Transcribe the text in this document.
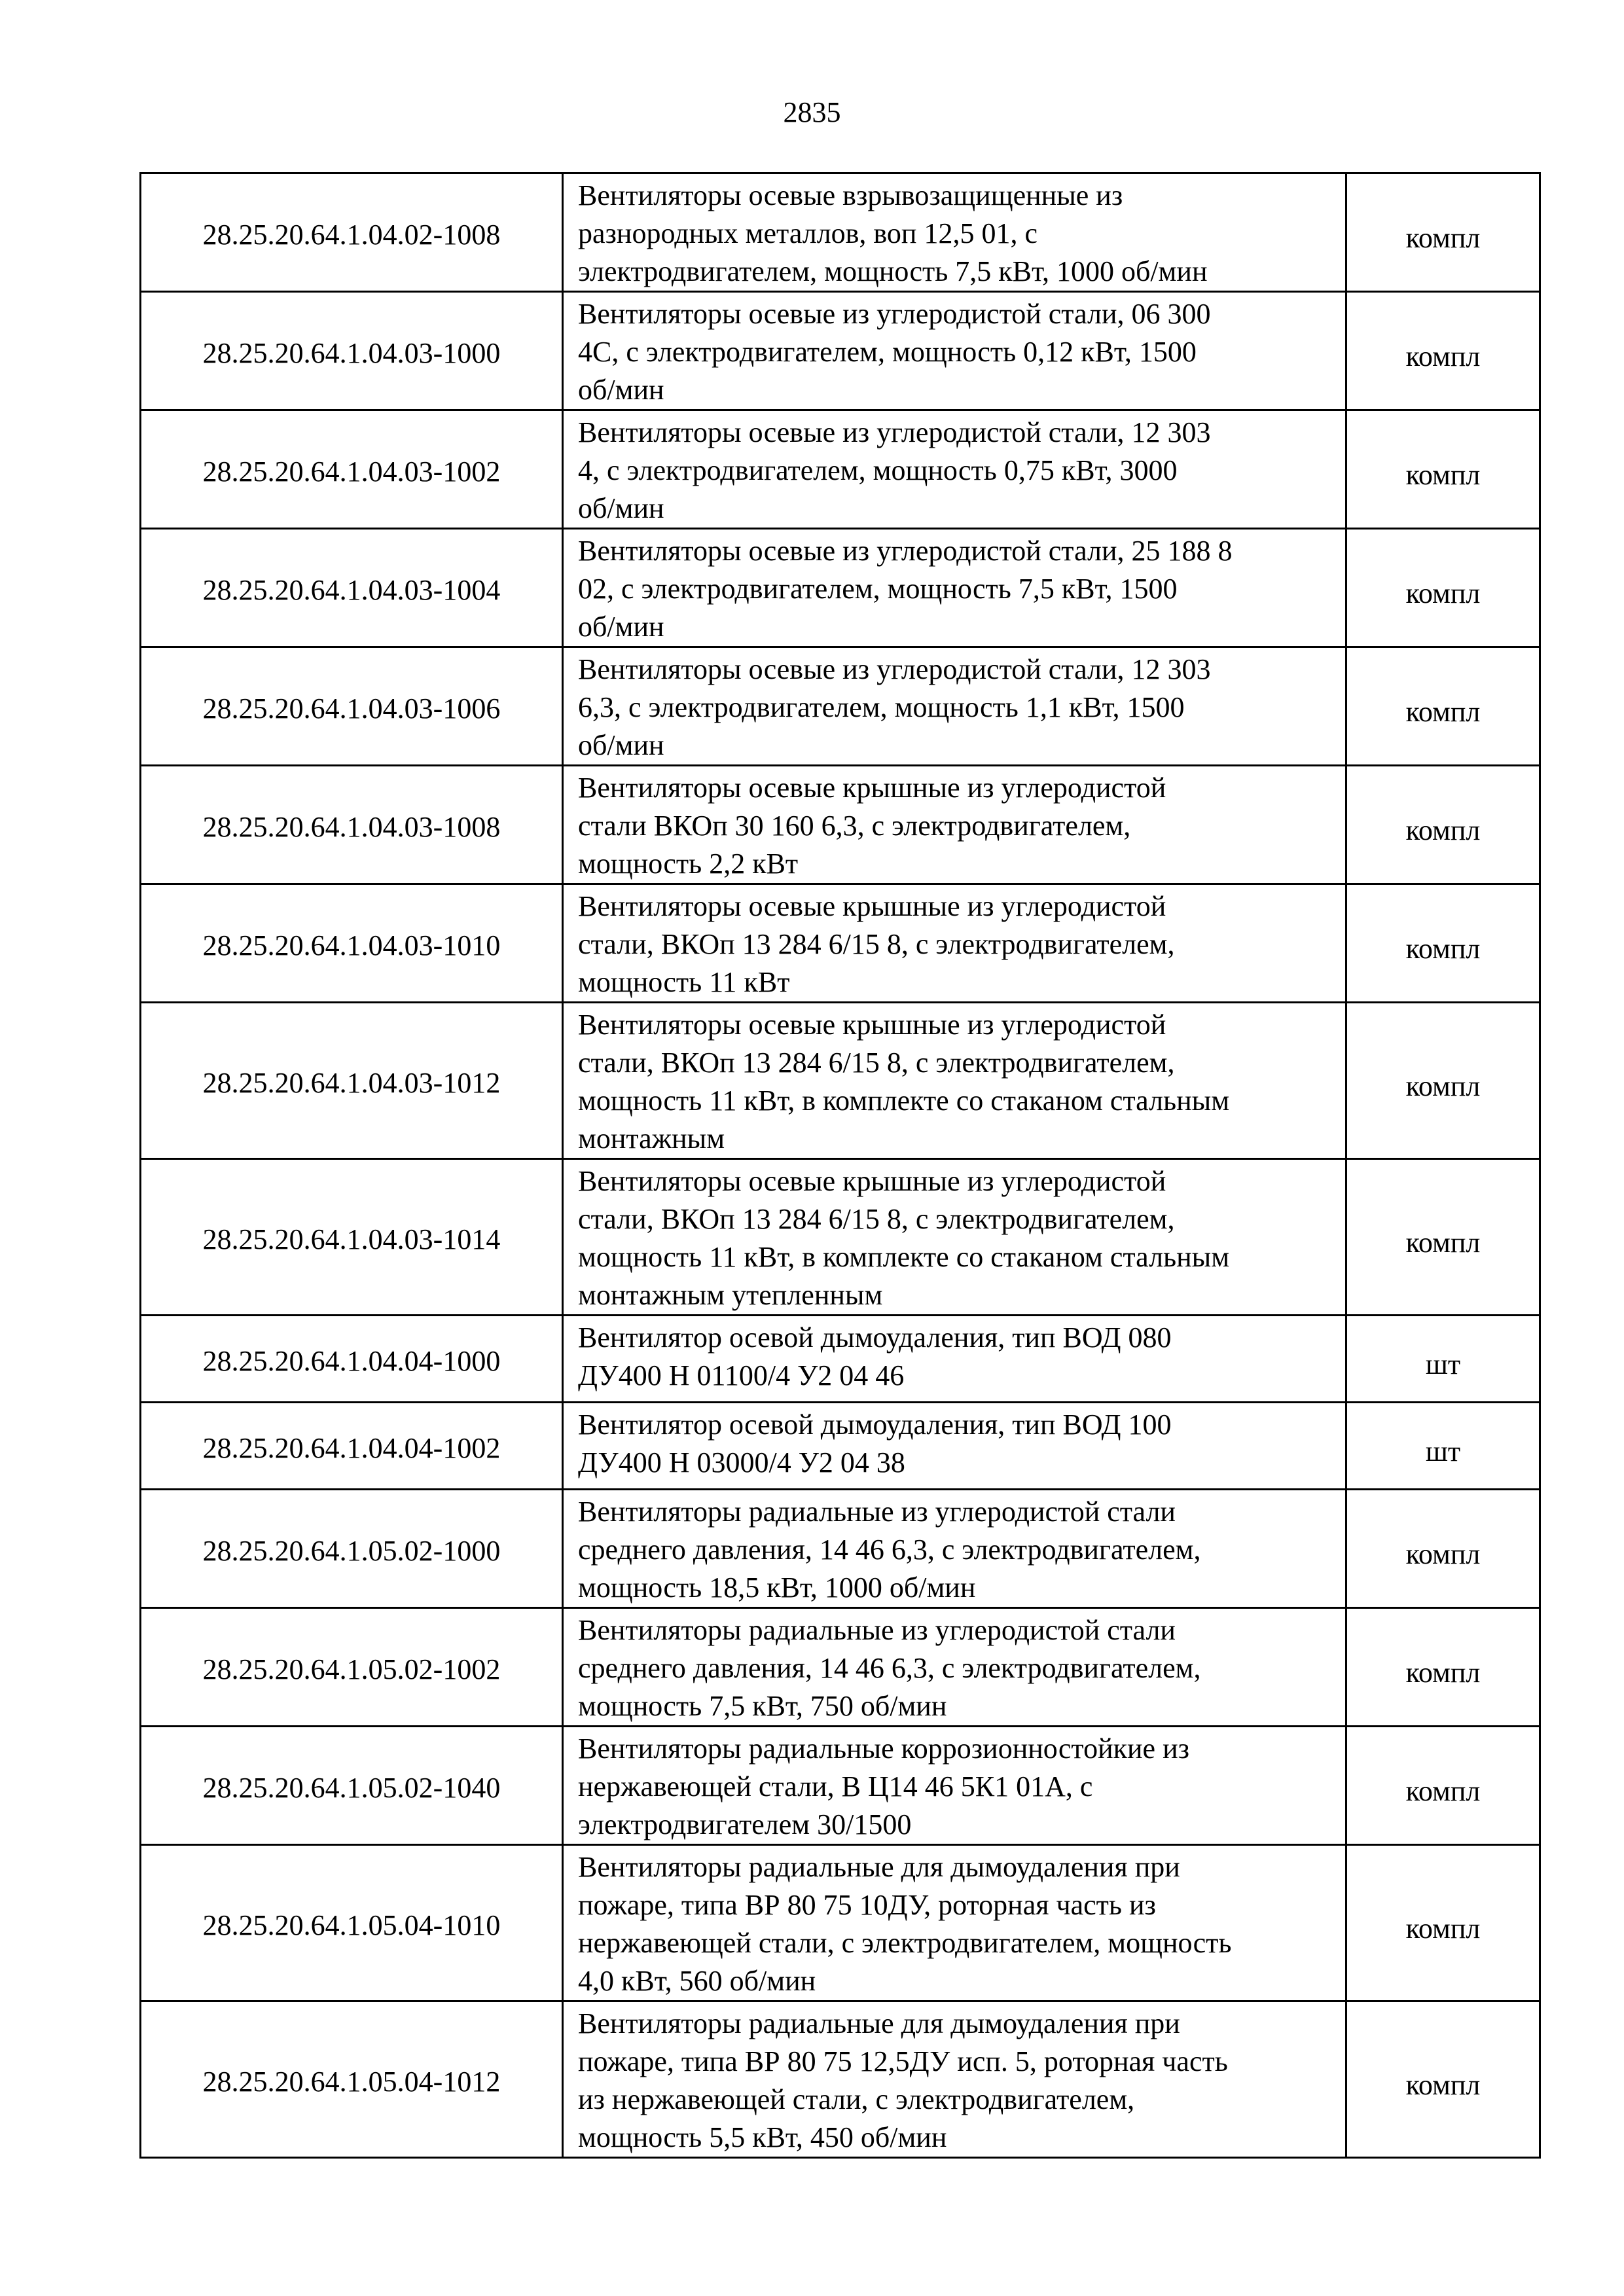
2835
28.25.20.64.1.04.02-1008	Вентиляторы осевые взрывозащищенные из
разнородных металлов, воп 12,5 01, с
электродвигателем, мощность 7,5 кВт, 1000 об/мин	компл
28.25.20.64.1.04.03-1000	Вентиляторы осевые из углеродистой стали, 06 300
4С, с электродвигателем, мощность 0,12 кВт, 1500
об/мин	компл
28.25.20.64.1.04.03-1002	Вентиляторы осевые из углеродистой стали, 12 303
4, с электродвигателем, мощность 0,75 кВт, 3000
об/мин	компл
28.25.20.64.1.04.03-1004	Вентиляторы осевые из углеродистой стали, 25 188 8
02, с электродвигателем, мощность 7,5 кВт, 1500
об/мин	компл
28.25.20.64.1.04.03-1006	Вентиляторы осевые из углеродистой стали, 12 303
6,3, с электродвигателем, мощность 1,1 кВт, 1500
об/мин	компл
28.25.20.64.1.04.03-1008	Вентиляторы осевые крышные из углеродистой
стали ВКОп 30 160 6,3, с электродвигателем,
мощность 2,2 кВт	компл
28.25.20.64.1.04.03-1010	Вентиляторы осевые крышные из углеродистой
стали, ВКОп 13 284 6/15 8, с электродвигателем,
мощность 11 кВт	компл
28.25.20.64.1.04.03-1012	Вентиляторы осевые крышные из углеродистой
стали, ВКОп 13 284 6/15 8, с электродвигателем,
мощность 11 кВт, в комплекте со стаканом стальным
монтажным	компл
28.25.20.64.1.04.03-1014	Вентиляторы осевые крышные из углеродистой
стали, ВКОп 13 284 6/15 8, с электродвигателем,
мощность 11 кВт, в комплекте со стаканом стальным
монтажным утепленным	компл
28.25.20.64.1.04.04-1000	Вентилятор осевой дымоудаления, тип ВОД 080
ДУ400 Н 01100/4 У2 04 46	шт
28.25.20.64.1.04.04-1002	Вентилятор осевой дымоудаления, тип ВОД 100
ДУ400 Н 03000/4 У2 04 38	шт
28.25.20.64.1.05.02-1000	Вентиляторы радиальные из углеродистой стали
среднего давления, 14 46 6,3, с электродвигателем,
мощность 18,5 кВт, 1000 об/мин	компл
28.25.20.64.1.05.02-1002	Вентиляторы радиальные из углеродистой стали
среднего давления, 14 46 6,3, с электродвигателем,
мощность 7,5 кВт, 750 об/мин	компл
28.25.20.64.1.05.02-1040	Вентиляторы радиальные коррозионностойкие из
нержавеющей стали, В Ц14 46 5К1 01А, с
электродвигателем 30/1500	компл
28.25.20.64.1.05.04-1010	Вентиляторы радиальные для дымоудаления при
пожаре, типа ВР 80 75 10ДУ, роторная часть из
нержавеющей стали, с электродвигателем, мощность
4,0 кВт, 560 об/мин	компл
28.25.20.64.1.05.04-1012	Вентиляторы радиальные для дымоудаления при
пожаре, типа ВР 80 75 12,5ДУ исп. 5, роторная часть
из нержавеющей стали, с электродвигателем,
мощность 5,5 кВт, 450 об/мин	компл
